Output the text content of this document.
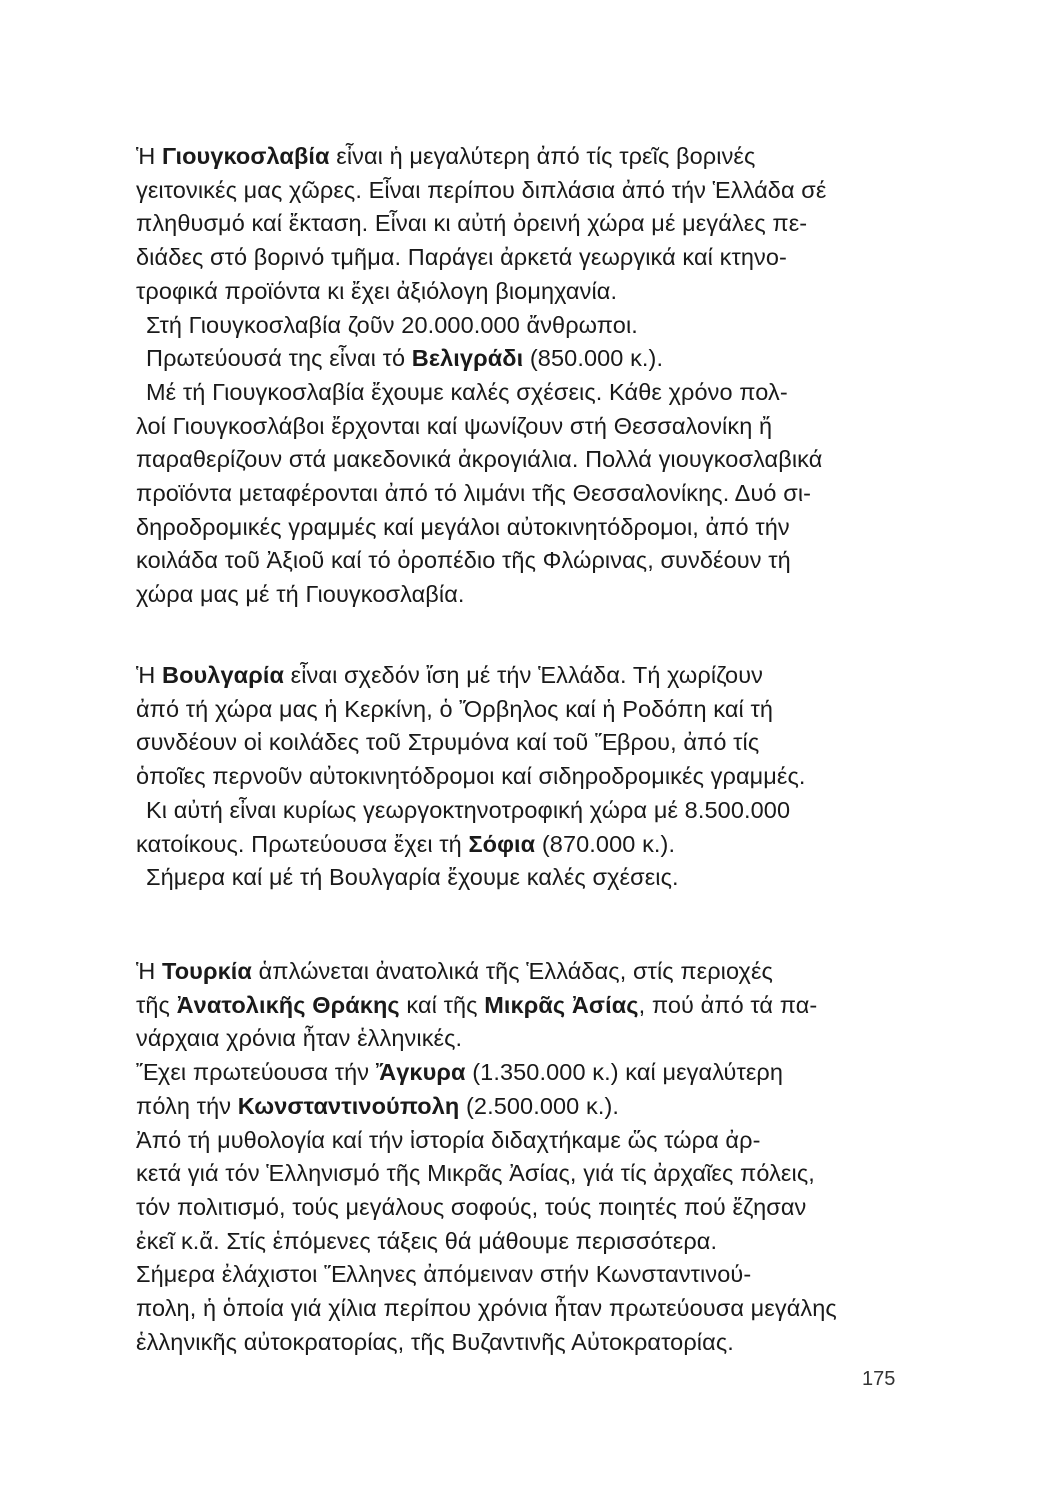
Ἡ Γιουγκοσλαβία εἶναι ἡ μεγαλύτερη ἀπό τίς τρεῖς βορινές
γειτονικές μας χῶρες. Εἶναι περίπου διπλάσια ἀπό τήν Ἑλλάδα σέ
πληθυσμό καί ἔκταση. Εἶναι κι αὐτή ὀρεινή χώρα μέ μεγάλες πε-
διάδες στό βορινό τμῆμα. Παράγει ἀρκετά γεωργικά καί κτηνο-
τροφικά προϊόντα κι ἔχει ἀξιόλογη βιομηχανία.
Στή Γιουγκοσλαβία ζοῦν 20.000.000 ἄνθρωποι.
Πρωτεύουσά της εἶναι τό Βελιγράδι (850.000 κ.).
Μέ τή Γιουγκοσλαβία ἔχουμε καλές σχέσεις. Κάθε χρόνο πολ-
λοί Γιουγκοσλάβοι ἔρχονται καί ψωνίζουν στή Θεσσαλονίκη ἤ
παραθερίζουν στά μακεδονικά ἀκρογιάλια. Πολλά γιουγκοσλαβικά
προϊόντα μεταφέρονται ἀπό τό λιμάνι τῆς Θεσσαλονίκης. Δυό σι-
δηροδρομικές γραμμές καί μεγάλοι αὐτοκινητόδρομοι, ἀπό τήν
κοιλάδα τοῦ Ἀξιοῦ καί τό ὀροπέδιο τῆς Φλώρινας, συνδέουν τή
χώρα μας μέ τή Γιουγκοσλαβία.
Ἡ Βουλγαρία εἶναι σχεδόν ἴση μέ τήν Ἑλλάδα. Τή χωρίζουν
ἀπό τή χώρα μας ἡ Κερκίνη, ὁ Ὄρβηλος καί ἡ Ροδόπη καί τή
συνδέουν οἱ κοιλάδες τοῦ Στρυμόνα καί τοῦ Ἕβρου, ἀπό τίς
ὁποῖες περνοῦν αὐτοκινητόδρομοι καί σιδηροδρομικές γραμμές.
Κι αὐτή εἶναι κυρίως γεωργοκτηνοτροφική χώρα μέ 8.500.000
κατοίκους. Πρωτεύουσα ἔχει τή Σόφια (870.000 κ.).
Σήμερα καί μέ τή Βουλγαρία ἔχουμε καλές σχέσεις.
Ἡ Τουρκία ἁπλώνεται ἀνατολικά τῆς Ἑλλάδας, στίς περιοχές
τῆς Ἀνατολικῆς Θράκης καί τῆς Μικρᾶς Ἀσίας, πού ἀπό τά πα-
νάρχαια χρόνια ἦταν ἑλληνικές.
Ἔχει πρωτεύουσα τήν Ἄγκυρα (1.350.000 κ.) καί μεγαλύτερη
πόλη τήν Κωνσταντινούπολη (2.500.000 κ.).
Ἀπό τή μυθολογία καί τήν ἱστορία διδαχτήκαμε ὥς τώρα ἀρ-
κετά γιά τόν Ἑλληνισμό τῆς Μικρᾶς Ἀσίας, γιά τίς ἀρχαῖες πόλεις,
τόν πολιτισμό, τούς μεγάλους σοφούς, τούς ποιητές πού ἔζησαν
ἐκεῖ κ.ἄ. Στίς ἑπόμενες τάξεις θά μάθουμε περισσότερα.
Σήμερα ἐλάχιστοι Ἕλληνες ἀπόμειναν στήν Κωνσταντινού-
πολη, ἡ ὁποία γιά χίλια περίπου χρόνια ἦταν πρωτεύουσα μεγάλης
ἑλληνικῆς αὐτοκρατορίας, τῆς Βυζαντινῆς Αὐτοκρατορίας.
175
